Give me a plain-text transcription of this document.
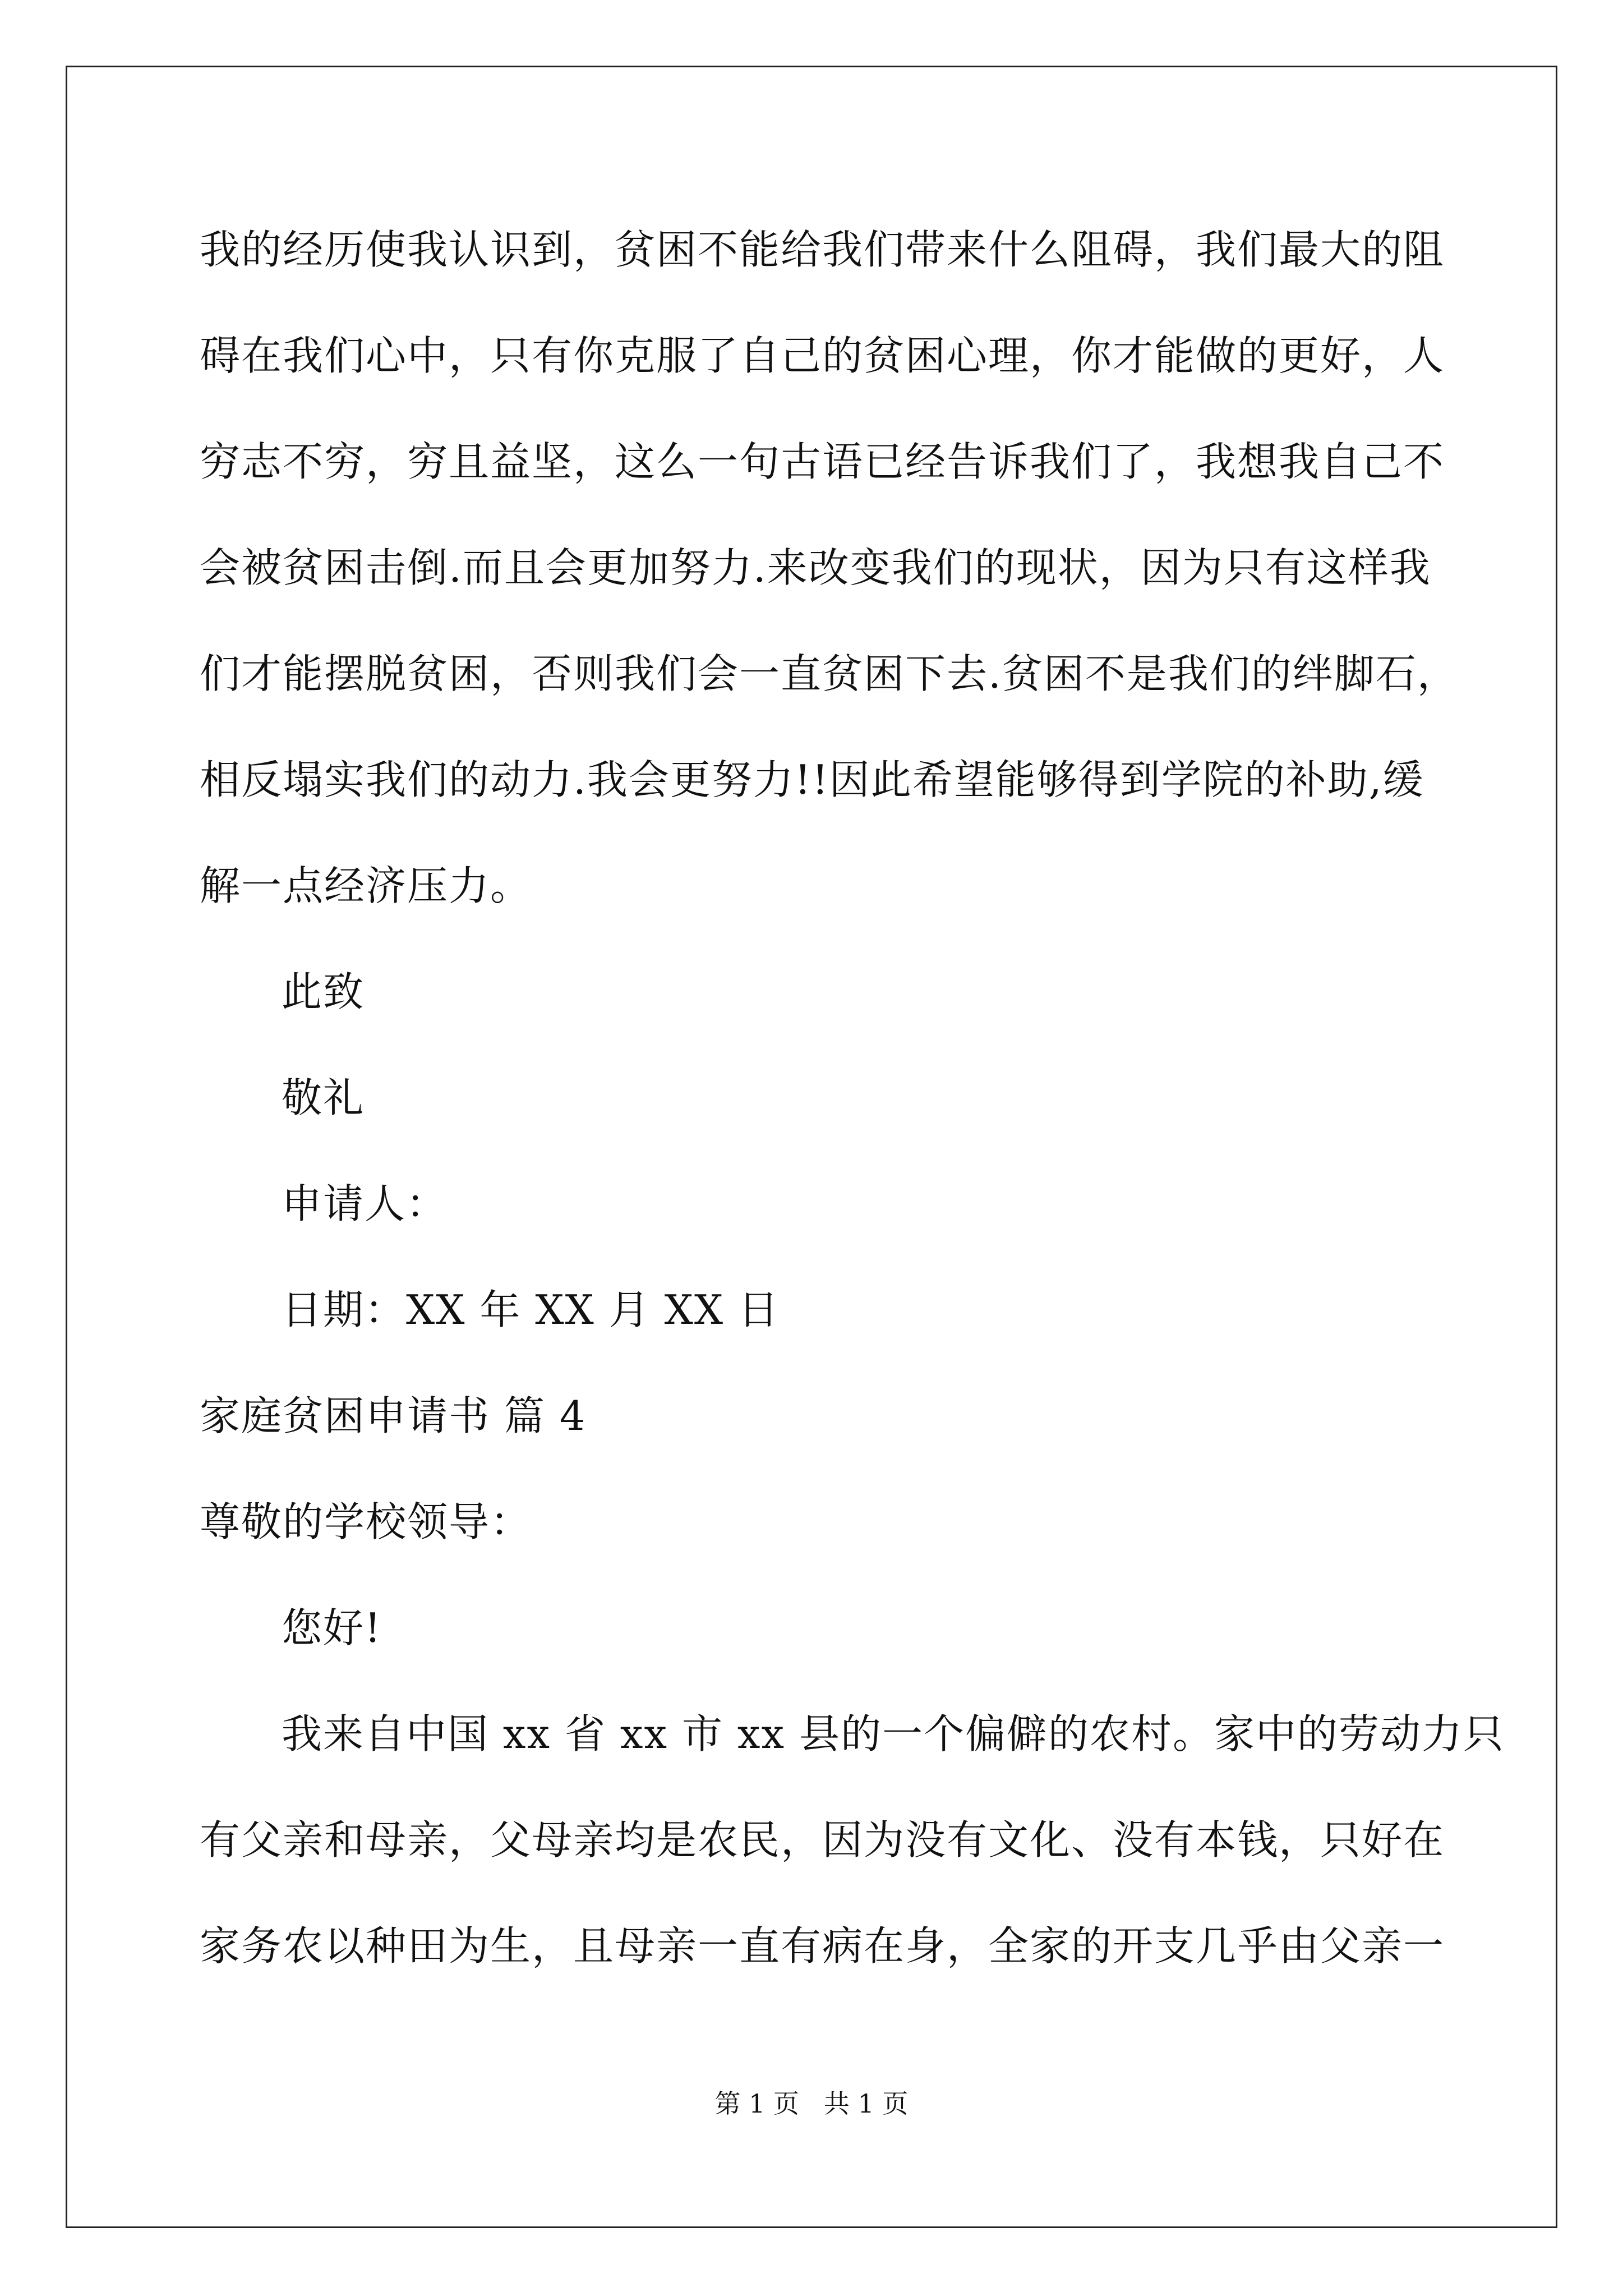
我的经历使我认识到，贫困不能给我们带来什么阻碍，我们最大的阻
碍在我们心中，只有你克服了自己的贫困心理，你才能做的更好，人
穷志不穷，穷且益坚，这么一句古语已经告诉我们了，我想我自己不
会被贫困击倒.而且会更加努力.来改变我们的现状，因为只有这样我
们才能摆脱贫困，否则我们会一直贫困下去.贫困不是我们的绊脚石，
相反塌实我们的动力.我会更努力!!因此希望能够得到学院的补助,缓
解一点经济压力。
此致
敬礼
申请人：
日期：XX 年 XX 月 XX 日
家庭贫困申请书 篇 4
尊敬的学校领导：
您好!
我来自中国 xx 省 xx 市 xx 县的一个偏僻的农村。家中的劳动力只
有父亲和母亲，父母亲均是农民，因为没有文化、没有本钱，只好在
家务农以种田为生，且母亲一直有病在身，全家的开支几乎由父亲一
第 1 页   共 1 页
